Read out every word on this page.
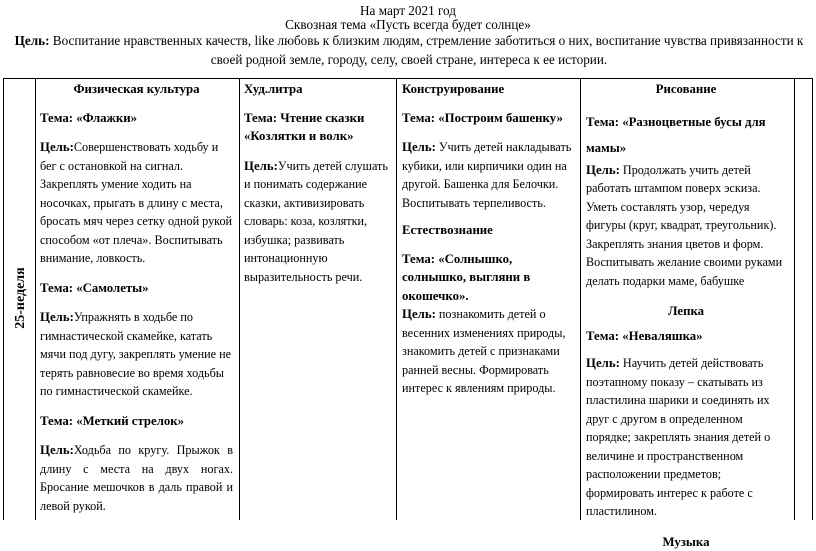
На март 2021 год
Сквозная тема «Пусть всегда будет солнце»
Цель: Воспитание нравственных качеств, like любовь к близким людям, стремление заботиться о них, воспитание чувства привязанности к своей родной земле, городу, селу, своей стране, интереса к ее истории.
25-неделя

Физическая культура

Тема: «Флажки»

Цель:Совершенствовать ходьбу и бег с остановкой на сигнал. Закреплять умение ходить на носочках, прыгать в длину с места, бросать мяч через сетку одной рукой способом «от плеча». Воспитывать внимание, ловкость.

Тема: «Самолеты»

Цель:Упражнять в ходьбе по гимнастической скамейке, катать мячи под дугу, закреплять умение не терять равновесие во время ходьбы по гимнастической скамейке.

Тема: «Меткий стрелок»

Цель:Ходьба по кругу. Прыжок в длину с места на двух ногах. Бросание мешочков в даль правой и левой рукой.

Худ.литра

Тема: Чтение сказки «Козлятки и волк»

Цель:Учить детей слушать и понимать содержание сказки, активизировать словарь: коза, козлятки, избушка; развивать интонационную выразительность речи.

Конструирование

Тема: «Построим башенку»

Цель: Учить детей накладывать кубики, или кирпичики один на другой. Башенка для Белочки. Воспитывать терпеливость.

Естествознание

Тема: «Солнышко, солнышко, выгляни в окошечко».

Цель: познакомить детей о весенних изменениях природы, знакомить детей с признаками ранней весны. Формировать интерес к явлениям природы.

Рисование

Тема: «Разноцветные бусы для мамы»

Цель: Продолжать учить детей работать штампом поверх эскиза. Уметь составлять узор, чередуя фигуры (круг, квадрат, треугольник). Закреплять знания цветов и форм. Воспитывать желание своими руками делать подарки маме, бабушке

Лепка

Тема: «Неваляшка»

Цель: Научить детей действовать поэтапному показу – скатывать из пластилина шарики и соединять их друг с другом в определенном порядке; закреплять знания детей о величине и пространственном расположении предметов; формировать интерес к работе с пластилином.

Музыка
